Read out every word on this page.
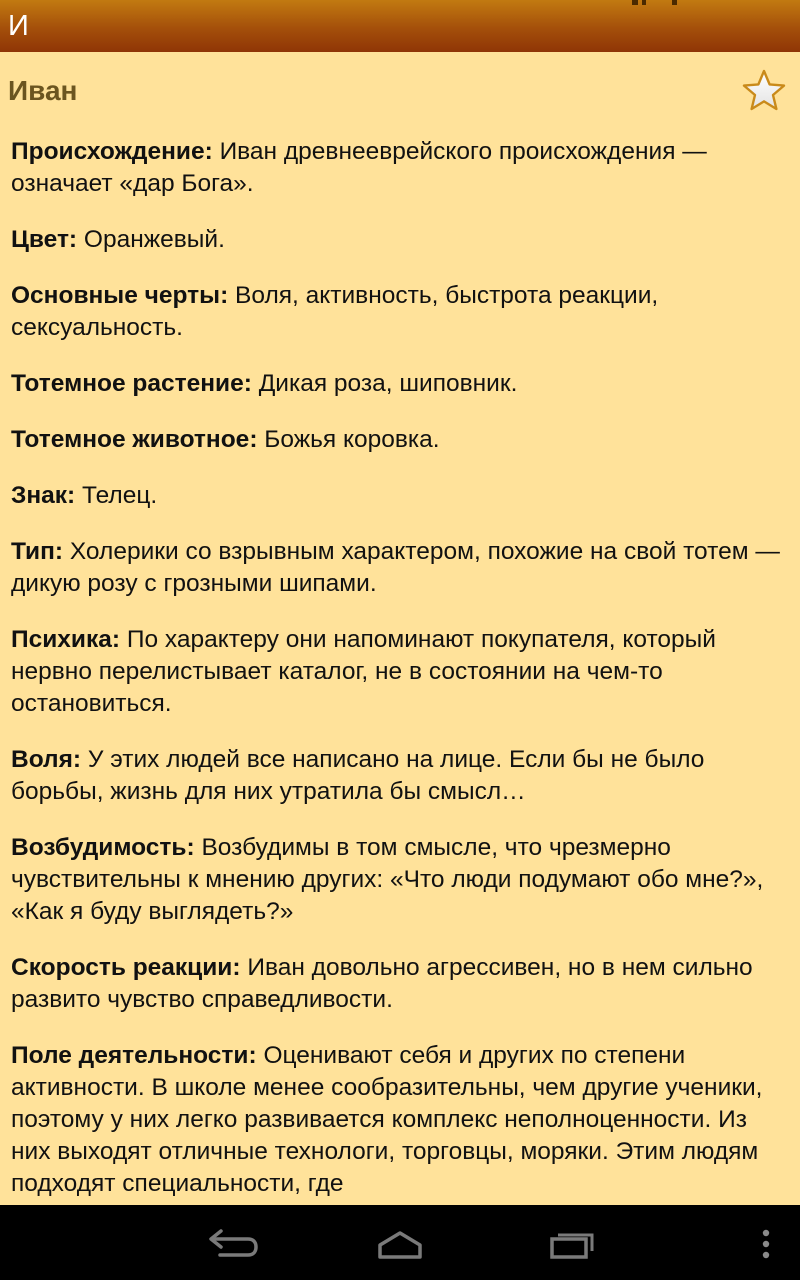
И
Иван

Происхождение: Иван древнееврейского происхождения — означает «дар Бога».

Цвет: Оранжевый.

Основные черты: Воля, активность, быстрота реакции, сексуальность.

Тотемное растение: Дикая роза, шиповник.

Тотемное животное: Божья коровка.

Знак: Телец.

Тип: Холерики со взрывным характером, похожие на свой тотем — дикую розу с грозными шипами.

Психика: По характеру они напоминают покупателя, который нервно перелистывает каталог, не в состоянии на чем-то остановиться.

Воля: У этих людей все написано на лице. Если бы не было борьбы, жизнь для них утратила бы смысл…

Возбудимость: Возбудимы в том смысле, что чрезмерно чувствительны к мнению других: «Что люди подумают обо мне?», «Как я буду выглядеть?»

Скорость реакции: Иван довольно агрессивен, но в нем сильно развито чувство справедливости.

Поле деятельности: Оценивают себя и других по степени активности. В школе менее сообразительны, чем другие ученики, поэтому у них легко развивается комплекс неполноценности. Из них выходят отличные технологи, торговцы, моряки. Этим людям подходят специальности, где
